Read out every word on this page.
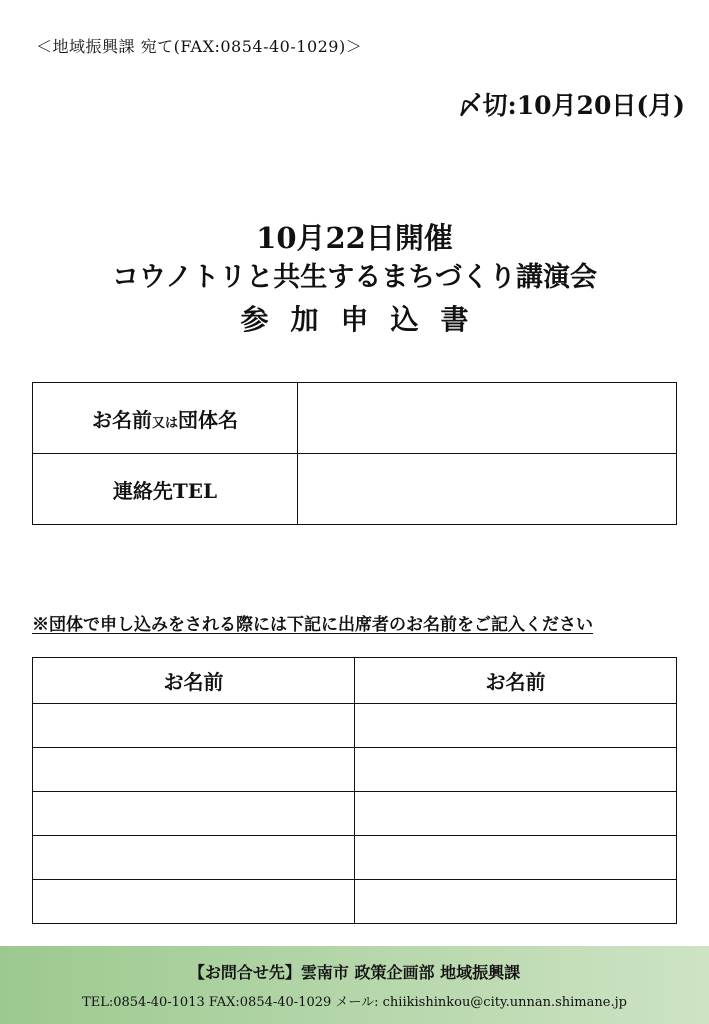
＜地域振興課 宛て(FAX:0854-40-1029)＞
〆切:10月20日(月)
10月22日開催
コウノトリと共生するまちづくり講演会
参加申込書
お名前又は団体名	
連絡先TEL	
※団体で申し込みをされる際には下記に出席者のお名前をご記入ください
お名前	お名前

【お問合せ先】雲南市 政策企画部 地域振興課
TEL:0854-40-1013 FAX:0854-40-1029 メール: chiikishinkou@city.unnan.shimane.jp
